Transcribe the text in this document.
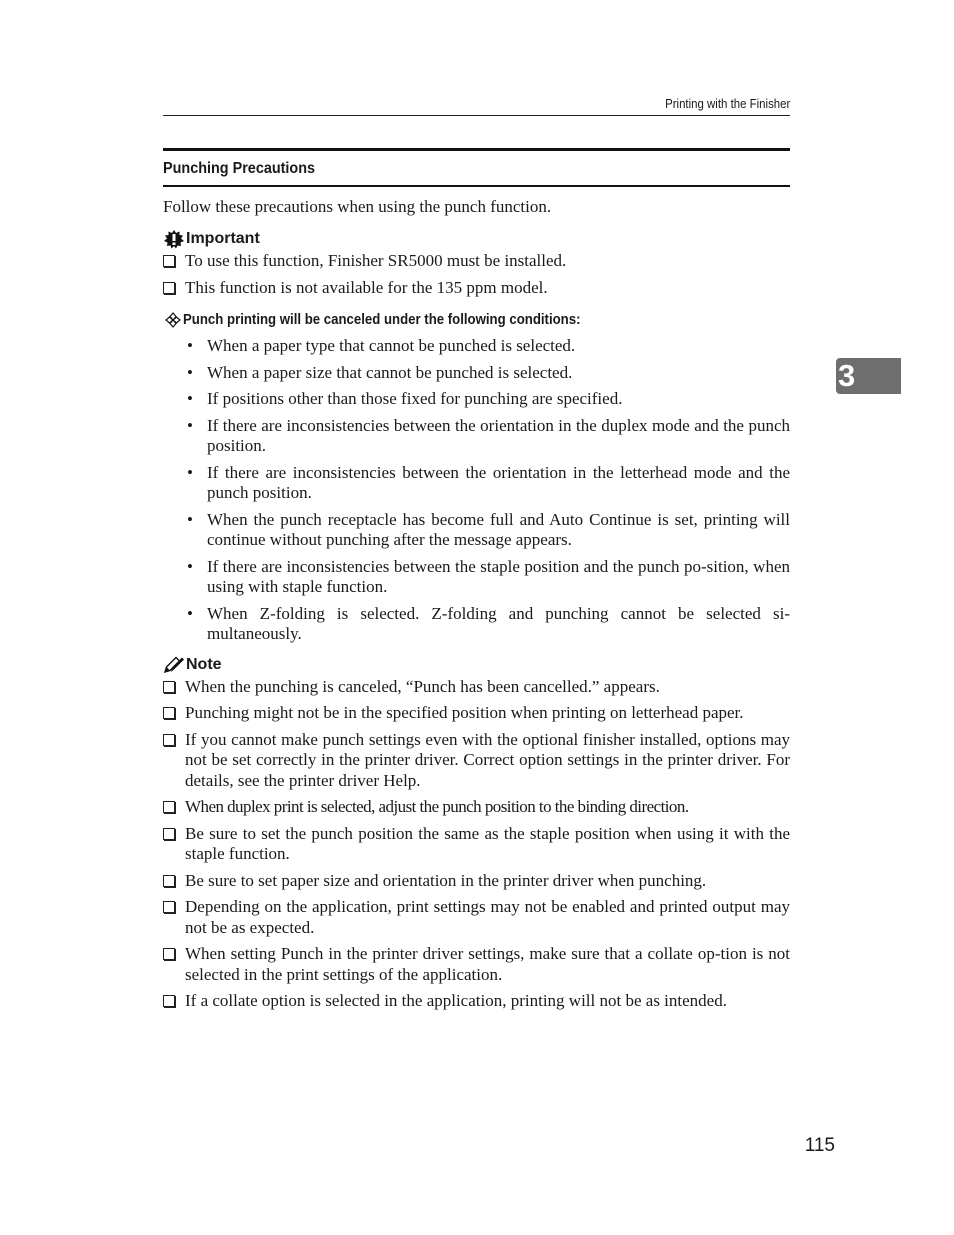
Printing with the Finisher
Punching Precautions
Follow these precautions when using the punch function.
Important
To use this function, Finisher SR5000 must be installed.
This function is not available for the 135 ppm model.
Punch printing will be canceled under the following conditions:
• When a paper type that cannot be punched is selected.
• When a paper size that cannot be punched is selected.
• If positions other than those fixed for punching are specified.
• If there are inconsistencies between the orientation in the duplex mode and the punch position.
• If there are inconsistencies between the orientation in the letterhead mode and the punch position.
• When the punch receptacle has become full and Auto Continue is set, printing will continue without punching after the message appears.
• If there are inconsistencies between the staple position and the punch po-sition, when using with staple function.
• When Z-folding is selected. Z-folding and punching cannot be selected si-multaneously.
Note
When the punching is canceled, “Punch has been cancelled.” appears.
Punching might not be in the specified position when printing on letterhead paper.
If you cannot make punch settings even with the optional finisher installed, options may not be set correctly in the printer driver. Correct option settings in the printer driver. For details, see the printer driver Help.
When duplex print is selected, adjust the punch position to the binding direction.
Be sure to set the punch position the same as the staple position when using it with the staple function.
Be sure to set paper size and orientation in the printer driver when punching.
Depending on the application, print settings may not be enabled and printed output may not be as expected.
When setting Punch in the printer driver settings, make sure that a collate op-tion is not selected in the print settings of the application.
If a collate option is selected in the application, printing will not be as intended.
3
115
